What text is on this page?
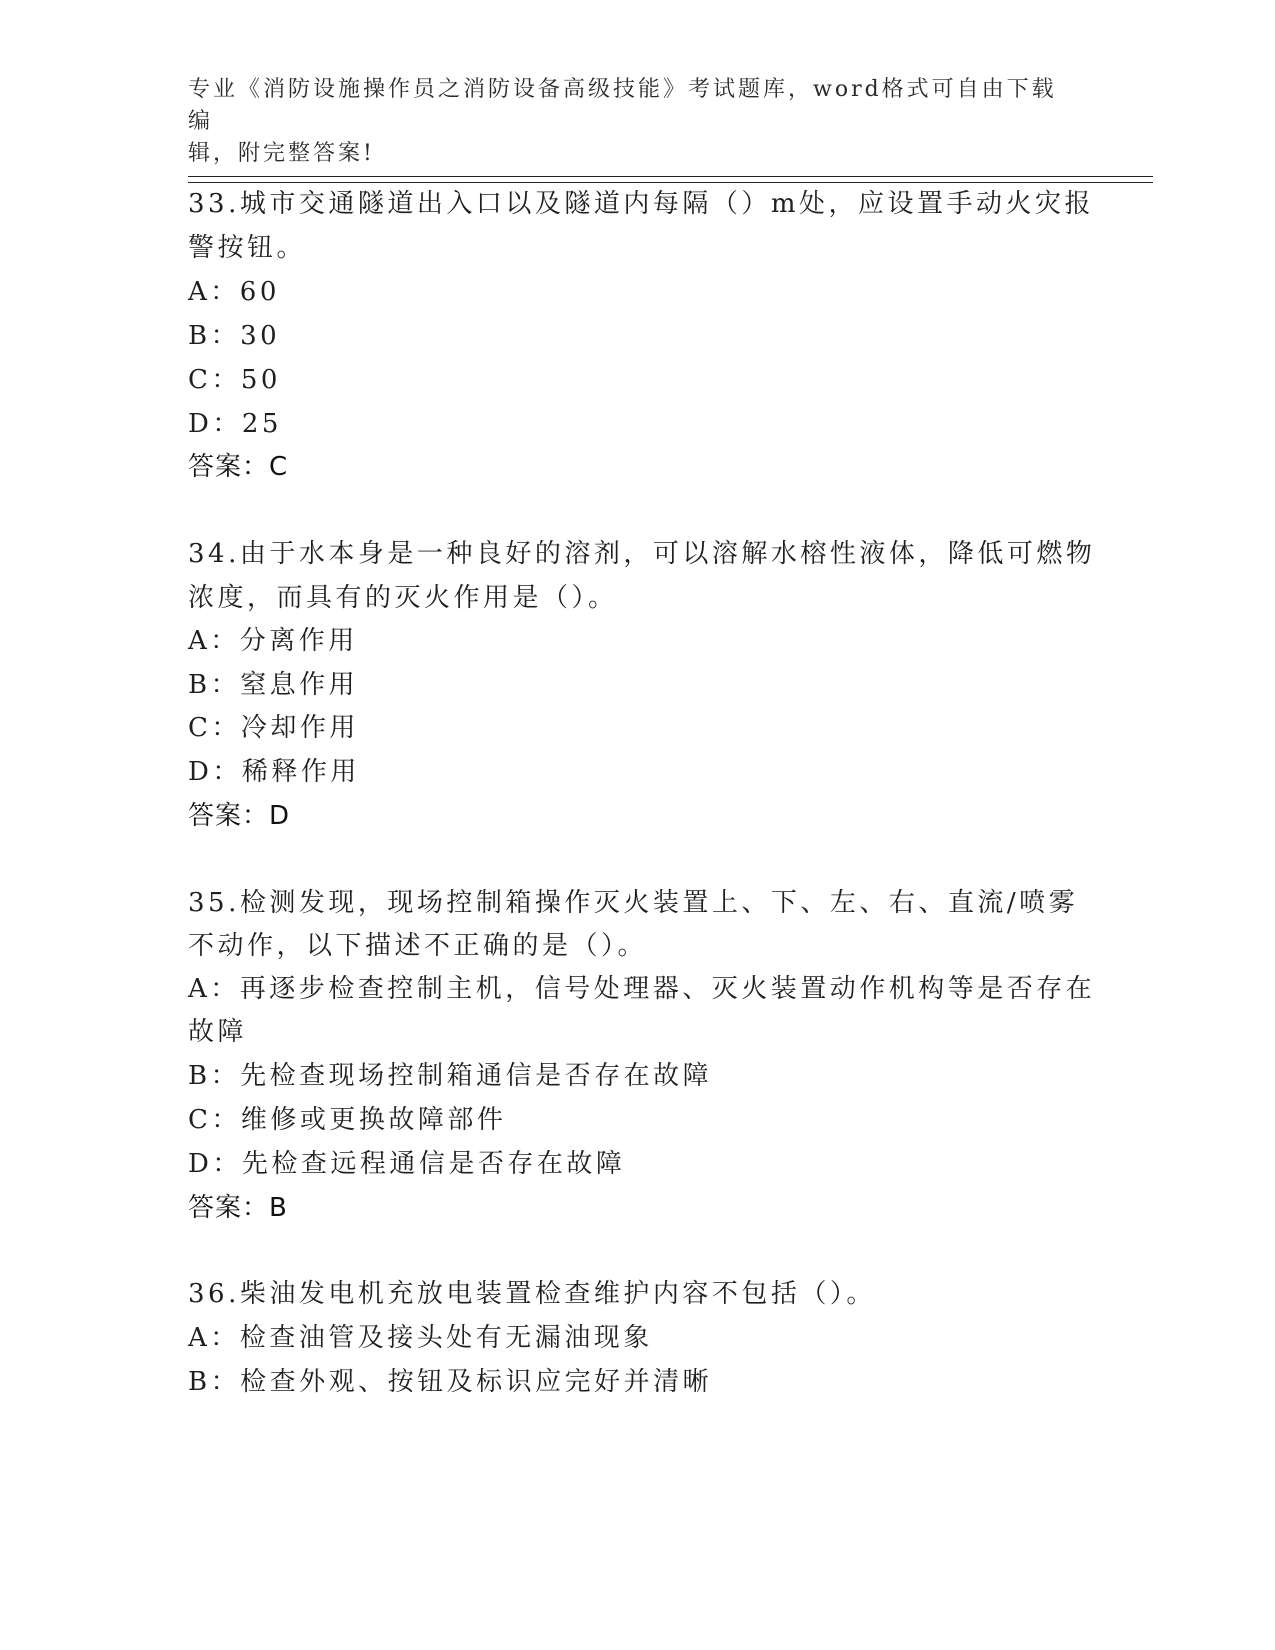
专业《消防设施操作员之消防设备高级技能》考试题库，word格式可自由下载编
辑，附完整答案!
33.城市交通隧道出入口以及隧道内每隔（）m处，应设置手动火灾报
警按钮。
A：60
B：30
C：50
D：25
答案：C
34.由于水本身是一种良好的溶剂，可以溶解水榕性液体，降低可燃物
浓度，而具有的灭火作用是（）。
A：分离作用
B：窒息作用
C：冷却作用
D：稀释作用
答案：D
35.检测发现，现场控制箱操作灭火装置上、下、左、右、直流/喷雾
不动作，以下描述不正确的是（）。
A：再逐步检查控制主机，信号处理器、灭火装置动作机构等是否存在
故障
B：先检查现场控制箱通信是否存在故障
C：维修或更换故障部件
D：先检查远程通信是否存在故障
答案：B
36.柴油发电机充放电装置检查维护内容不包括（）。
A：检查油管及接头处有无漏油现象
B：检查外观、按钮及标识应完好并清晰
